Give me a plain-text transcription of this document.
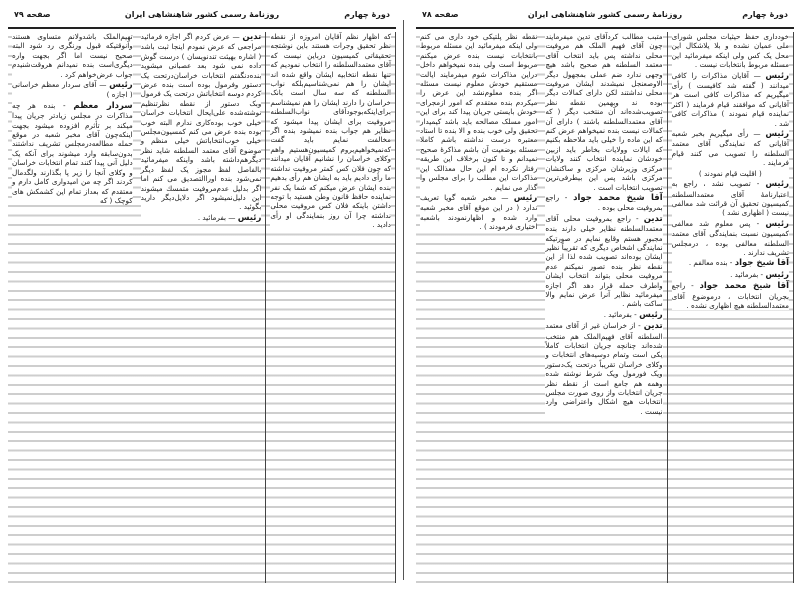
دورهٔ چهارم
روزنامهٔ رسمی کشور شاهنشاهی ایران
صفحه ۷۹

تهیم‌الملک باشدولانم متساوی هستند وآنوقتیکه قبول ورنگری رد شود البته صحیح نیست اما اگر بجهت واره دیگری‌است بنده نمیدانم هروقت‌شنیدم جواب عرض‌خواهم کرد .

رئیس — آقای سردار معظم خراسانی ( اجازه )

سردار معظم - بنده هر چه مذاکرات در مجلس زیادتر جریان پیدا میکند بر تأثرم افزوده میشود بجهت اینکه‌چون آقای مخبر شعبه در موقع حمله مطالعه‌درمجلس تشریف نداشتند بدون‌سابقه وارد میشوند برای آنکه یک دلیل آنی پیدا کنند تمام انتخابات خراسان و وکلای آنجا را زیر پا بگذارند ولگدمال کردند اگر چه من امیدواری کامل دارم و معتقدم که بعداز تمام این کشمکش های کوچک ( که

تدین — عرض کردم اگر اجازه فرمائید مراجعی که عرض نمودم اینجا ثبت باشد ( اشاره بهیئت تندنویسان ) درست گوش داده نمی شود بعد عصبانی میشوید بنده‌دنگفتم انتخابات خراسان‌درتحت یک دستور وفرمول بوده است بنده عرض کردم دوسه انتخاباتش درتحت یک فرمول وبک دستور از نقطه نظرتنظیم نوشته‌شده علی‌ایحال انتخابات خراسان خیلی خوب بوده‌کاری ندارم البته خوب بوده بنده عرض می کنم کمسیون‌مجلس خیلی خوب‌انتخاباتش خیلی منظم و موضوع آقای معتمد السلطنه شاید نظر دیگرهم‌داشته باشد واینکه میفرمائید بالفاصل لفظ مجوز یک لفظ دیگر نمی‌شود بنده اوراالتصدیق می کنم اما اگر بدلیل عدم‌مروفیت متمسك میشوند این دلیل‌نمیشود اگر دلایل‌دیگر دارید بگوئید .

رئیس — بفرمائید .

که اظهار نظم آقایان امروزه از نقطه نظر تحقیق وجرات هستند باین نوشتجه تحقیقاتی کمیسیون درباین نیست که آقای معتمدالسلطنه را انتخاب نمودیم که تنها نقطه انتخابیه ایشان واقع شده اند ایشان را هم نمی‌شناسیم‌بلکه نواب السلطنه که سه سال است بانک خراسان را دارند ایشان را هم نمیشناسم برای‌اینکه‌بوجود‌آقای نواب‌السلطنه مروفیت برای ایشان پیدا میشود که نظایر هم جواب بنده نمیشود بنده اگر مخالفت نمایم باید گفت که‌نمیخواهیم‌بروم کمیسیون‌هستیم واهم وکلای خراسان را نشانیم آقایان میدانند که چون فلان کس کمتر مروفیت نداشته ما رأی دادیم باید به ایشان هم رأی بدهیم بنده ایشان عرض میکنم که شما یک نفر نماینده حافظ قانون وطن هستید با توجه داشتن باینکه فلان کس مروفیت محلی نداشته چرا آن روز بنمایندگی او رأی دادید .

دورهٔ چهارم
روزنامهٔ رسمی کشور شاهنشاهی ایران
صفحه ۷۸

نقطه نظر پلتیکی خود داری می کنم ولی اینکه میفرمائید این مسئله مربوط بانتخابات نیست بنده عرض میکنم مربوط است ولی بنده نمیخواهم داخل دراین مذاکرات شوم میفرمایند ایالت مستقیم خودش معلوم نیست مسئله اگر بنده معلوم‌نشد این عرض را میکردم بنده معتقدم که امور ازمجرای خودش بایستی جریان پیدا کند برای این امور مسلک مصالحه باید باشد کیمیدار تحقیق ولی خوب بنده و الا بنده تا استاد معتبره درست نداشته باشم کاملا مسئله بوضعیت آن باشم مذاکرهٔ صحیح نمیدانم و تا کنون برخلاف این طریقه رفتار نکرده ام این حال معذالک این مذاکرات این مطلب را برای مجلس وا گذار می نمایم .

رئیس — مخبر شعبه گویا تعریف ندارد ( در این موقع آقای مخبر شعبه وارد شده و اظهارنمودند باشعبه اختیاری فرمودند ) .

متبب مطالب کردآقای تدین میفرمایند چون آقای فهیم الملک هم مروفیت محلی نداشته پس باید انتخاب آقای معتمد السلطنه هم صحیح باشد هیچ وجهی ندارد ضم عملی بمجهول دیگر الاوصعنجل نمیشدند ایشان مروفیت محلی نداشتند لکن دارای کمالات دیگر بوده ند وبهمین نقطه نظر تصویب‌شده‌اند آن منتخب دیگر ( که آقای معتمدالسلطنه باشند ) دارای آن کمالات نیست بنده نمیخواهم عرض کنم که این ماده را خیلی باید ملاحظه بکنیم که ایالات وولایات بخاطر باید ازبین خودشان نماینده انتخاب کنند ولایات مرکزی وزیرشان مرکزی و ساکنشان مرکزی باشد پس این بیطرفی‌ترین تصویب انتخابات است .

آقا شیخ محمد جواد - راجع بمروفیت محلی بوده .

تدین - راجع بمروفیت محلی آقای معتمدالسلطنه نظایر خیلی دارند بنده مجبور هستم وقایع نمایم در صورتیکه نمایندگی اشخاص دیگری که تقریباً نظیر ایشان بوده‌اند تصویب شده لذا از این نقطه نظر بنده تصور نمیکنم عدم مروفیت محلی بتواند انتخاب ایشان واطرف حمله قرار دهد اگر اجازه میفرمائید نظایر آنرا عرض نمایم والا ساکت باشم .

رئیس - بفرمائید .

تدین - از خراسان غیر از آقای معتمد السلطنه آقای فهیم‌الملک هم منتخب شده‌اند چنانچه جریان انتخابات کاملاً یکی است وتمام دوسیه‌های انتخابات و وکلای خراسان تقریباً درتحت یک‌دستور ویک فورمول ویک شرط نوشته شده وهمه هم جامع است از نقطه نظر جریان انتخابات واز روی صورت مجلس انتخابات هیچ اشکال واعتراضی وارد نیست .

خودداری حفظ حیثیات مجلس شورای ملی عمیان نشده و بلا یلاشکال این محل یک کس ولی اینکه میفرمائید این مسئله مربوط بانتخابات نیست .

رئیس — آقایان مذاکرات را کافی میدانند ( گفته شد کافیست ) رأی میگیریم که مذاکرات کافی است هر آقایانی که موافقند قیام فرمایند ( اکثر نماینده قیام نمودند ) مذاکرات کافی شد .

رئیس — رأی میگیریم بخبر شعبه آقایانی که نمایندگی آقای معتمد السلطنه را تصویب می کنند قیام فرمایند .

( اقلیت قیام نمودند )

رئیس - تصویب نشد ، راجع به اعتبارنامهٔ آقای معتمدالسلطنه کمیسیون تحقیق آن قرائت شد معالفی نیست ( اظهاری نشد )

رئیس - پس معلوم شد معالفی کمیسیون نسبت بنمایندگی آقای معتمد السلطنه معالفی بوده ، درمجلس تشریف ندارند .

آقا شیخ جواد - بنده معالفم .

رئیس - بفرمائید .

آقا شیخ محمد جواد - راجع بجریان انتخابات ، درموضوع آقای معتمدالسلطنه هیچ اظهاری نشده .
